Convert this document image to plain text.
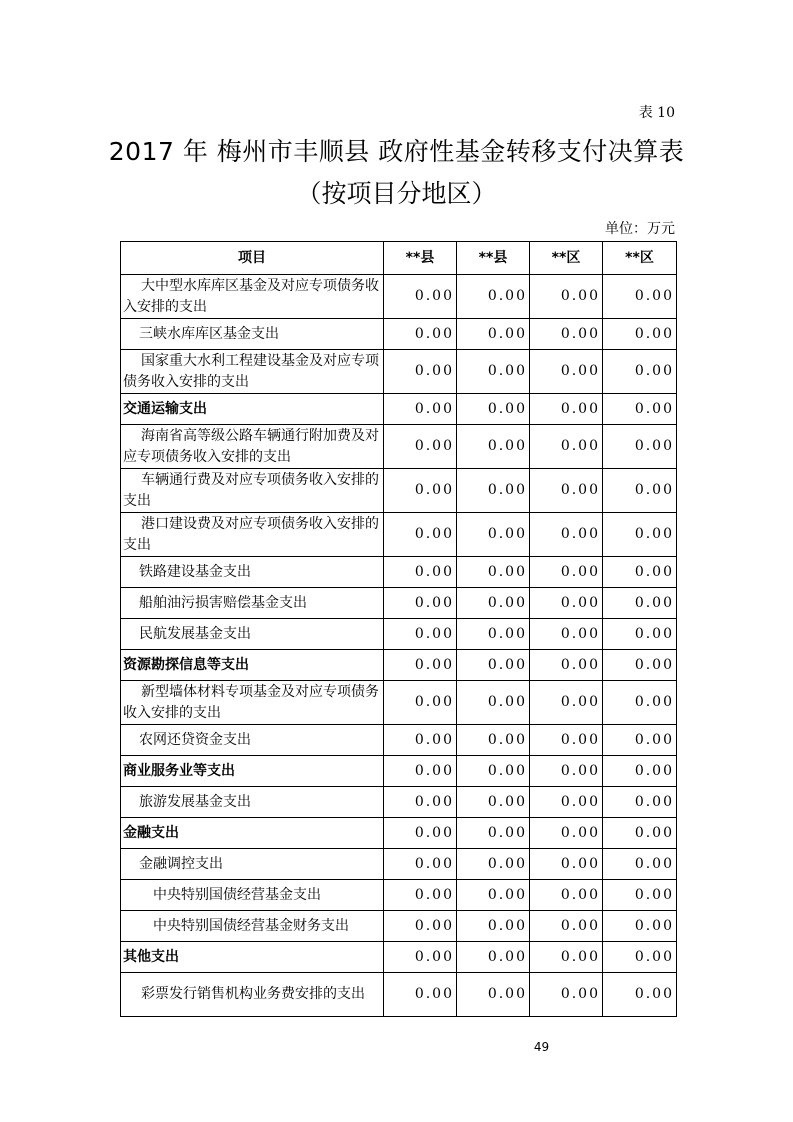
表 10
2017 年 梅州市丰顺县 政府性基金转移支付决算表
（按项目分地区）
单位：万元
项目	**县	**县	**区	**区
大中型水库库区基金及对应专项债务收入安排的支出	0.00	0.00	0.00	0.00
三峡水库库区基金支出	0.00	0.00	0.00	0.00
国家重大水利工程建设基金及对应专项债务收入安排的支出	0.00	0.00	0.00	0.00
交通运输支出	0.00	0.00	0.00	0.00
海南省高等级公路车辆通行附加费及对应专项债务收入安排的支出	0.00	0.00	0.00	0.00
车辆通行费及对应专项债务收入安排的支出	0.00	0.00	0.00	0.00
港口建设费及对应专项债务收入安排的支出	0.00	0.00	0.00	0.00
铁路建设基金支出	0.00	0.00	0.00	0.00
船舶油污损害赔偿基金支出	0.00	0.00	0.00	0.00
民航发展基金支出	0.00	0.00	0.00	0.00
资源勘探信息等支出	0.00	0.00	0.00	0.00
新型墙体材料专项基金及对应专项债务收入安排的支出	0.00	0.00	0.00	0.00
农网还贷资金支出	0.00	0.00	0.00	0.00
商业服务业等支出	0.00	0.00	0.00	0.00
旅游发展基金支出	0.00	0.00	0.00	0.00
金融支出	0.00	0.00	0.00	0.00
金融调控支出	0.00	0.00	0.00	0.00
中央特别国债经营基金支出	0.00	0.00	0.00	0.00
中央特别国债经营基金财务支出	0.00	0.00	0.00	0.00
其他支出	0.00	0.00	0.00	0.00
彩票发行销售机构业务费安排的支出	0.00	0.00	0.00	0.00
49
